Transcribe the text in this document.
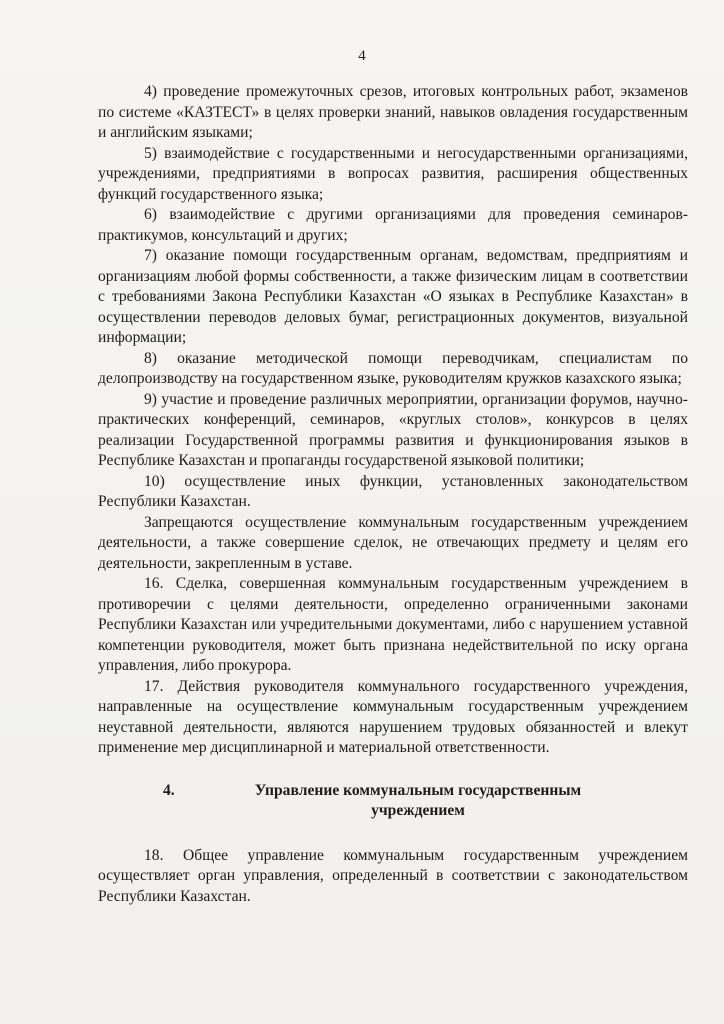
4

4) проведение промежуточных срезов, итоговых контрольных работ, экзаменов по системе «КАЗТЕСТ» в целях проверки знаний, навыков овладения государственным и английским языками;

5) взаимодействие с государственными и негосударственными организациями, учреждениями, предприятиями в вопросах развития, расширения общественных функций государственного языка;

6) взаимодействие с другими организациями для проведения семинаров-практикумов, консультаций и других;

7) оказание помощи государственным органам, ведомствам, предприятиям и организациям любой формы собственности, а также физическим лицам в соответствии с требованиями Закона Республики Казахстан «О языках в Республике Казахстан» в осуществлении переводов деловых бумаг, регистрационных документов, визуальной информации;

8) оказание методической помощи переводчикам, специалистам по делопроизводству на государственном языке, руководителям кружков казахского языка;

9) участие и проведение различных мероприятии, организации форумов, научно-практических конференций, семинаров, «круглых столов», конкурсов в целях реализации Государственной программы развития и функционирования языков в Республике Казахстан и пропаганды государственой языковой политики;

10) осуществление иных функции, установленных законодательством Республики Казахстан.

Запрещаются осуществление коммунальным государственным учреждением деятельности, а также совершение сделок, не отвечающих предмету и целям его деятельности, закрепленным в уставе.

16. Сделка, совершенная коммунальным государственным учреждением в противоречии с целями деятельности, определенно ограниченными законами Республики Казахстан или учредительными документами, либо с нарушением уставной компетенции руководителя, может быть признана недействительной по иску органа управления, либо прокурора.

17. Действия руководителя коммунального государственного учреждения, направленные на осуществление коммунальным государственным учреждением неуставной деятельности, являются нарушением трудовых обязанностей и влекут применение мер дисциплинарной и материальной ответственности.

4.	Управление коммунальным государственным учреждением

18. Общее управление коммунальным государственным учреждением осуществляет орган управления, определенный в соответствии с законодательством Республики Казахстан.
